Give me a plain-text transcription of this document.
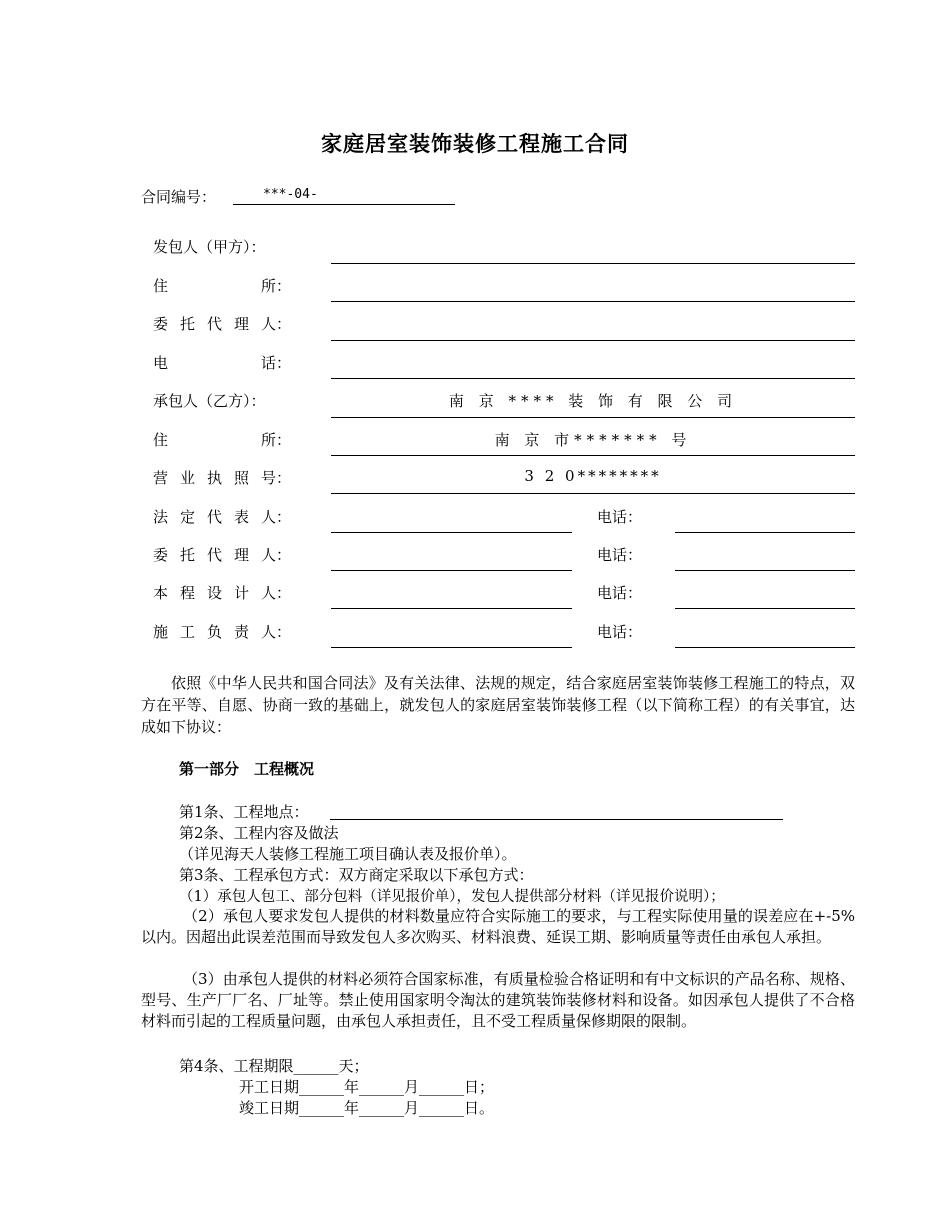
家庭居室装饰装修工程施工合同
合同编号：	***-04-
发包人（甲方）：
住	所：
委 托 代 理 人：
电	话：
承包人（乙方）：	南 京 **** 装 饰 有 限 公 司
住	所：	南 京 市******* 号
营 业 执 照 号：	3 2 0********
法 定 代 表 人：	电话：
委 托 代 理 人：	电话：
本 程 设 计 人：	电话：
施 工 负 责 人：	电话：
依照《中华人民共和国合同法》及有关法律、法规的规定，结合家庭居室装饰装修工程施工的特点，双方在平等、自愿、协商一致的基础上，就发包人的家庭居室装饰装修工程（以下简称工程）的有关事宜，达成如下协议：
第一部分　工程概况
第1条、工程地点：
第2条、工程内容及做法
（详见海天人装修工程施工项目确认表及报价单）。
第3条、工程承包方式：双方商定采取以下承包方式：
（1）承包人包工、部分包料（详见报价单），发包人提供部分材料（详见报价说明）；
（2）承包人要求发包人提供的材料数量应符合实际施工的要求，与工程实际使用量的误差应在+-5%以内。因超出此误差范围而导致发包人多次购买、材料浪费、延误工期、影响质量等责任由承包人承担。
（3）由承包人提供的材料必须符合国家标准，有质量检验合格证明和有中文标识的产品名称、规格、型号、生产厂厂名、厂址等。禁止使用国家明令淘汰的建筑装饰装修材料和设备。如因承包人提供了不合格材料而引起的工程质量问题，由承包人承担责任，且不受工程质量保修期限的限制。
第4条、工程期限______天；
开工日期______年______月______日；
竣工日期______年______月______日。
